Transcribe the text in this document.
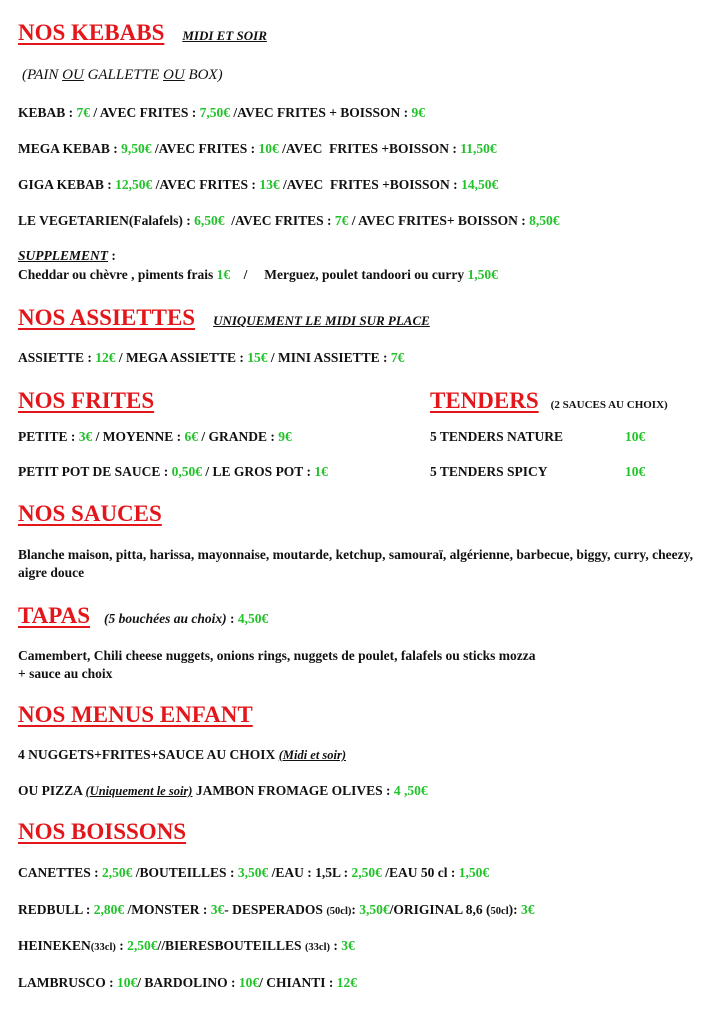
NOS KEBABS MIDI ET SOIR
(PAIN OU GALLETTE OU BOX)
KEBAB : 7€ / AVEC FRITES : 7,50€ /AVEC FRITES + BOISSON : 9€
MEGA KEBAB : 9,50€ /AVEC FRITES : 10€ /AVEC  FRITES +BOISSON : 11,50€
GIGA KEBAB : 12,50€ /AVEC FRITES : 13€ /AVEC  FRITES +BOISSON : 14,50€
LE VEGETARIEN(Falafels) : 6,50€  /AVEC FRITES : 7€ / AVEC FRITES+ BOISSON : 8,50€
SUPPLEMENT :
Cheddar ou chèvre , piments frais 1€    /     Merguez, poulet tandoori ou curry 1,50€
NOS ASSIETTES UNIQUEMENT LE MIDI SUR PLACE
ASSIETTE : 12€ / MEGA ASSIETTE : 15€ / MINI ASSIETTE : 7€
NOS FRITES
PETITE : 3€ / MOYENNE : 6€ / GRANDE : 9€
PETIT POT DE SAUCE : 0,50€ / LE GROS POT : 1€
TENDERS (2 SAUCES AU CHOIX)
5 TENDERS NATURE	10€
5 TENDERS SPICY	10€
NOS SAUCES
Blanche maison, pitta, harissa, mayonnaise, moutarde, ketchup, samouraï, algérienne, barbecue, biggy, curry, cheezy, aigre douce
TAPAS (5 bouchées au choix) : 4,50€
Camembert, Chili cheese nuggets, onions rings, nuggets de poulet, falafels ou sticks mozza
+ sauce au choix
NOS MENUS ENFANT
4 NUGGETS+FRITES+SAUCE AU CHOIX (Midi et soir)
OU PIZZA (Uniquement le soir) JAMBON FROMAGE OLIVES : 4 ,50€
NOS BOISSONS
CANETTES : 2,50€ /BOUTEILLES : 3,50€ /EAU : 1,5L : 2,50€ /EAU 50 cl : 1,50€
REDBULL : 2,80€ /MONSTER : 3€- DESPERADOS (50cl): 3,50€/ORIGINAL 8,6 (50cl): 3€
HEINEKEN(33cl) : 2,50€//BIERESBOUTEILLES (33cl) : 3€
LAMBRUSCO : 10€/ BARDOLINO : 10€/ CHIANTI : 12€
